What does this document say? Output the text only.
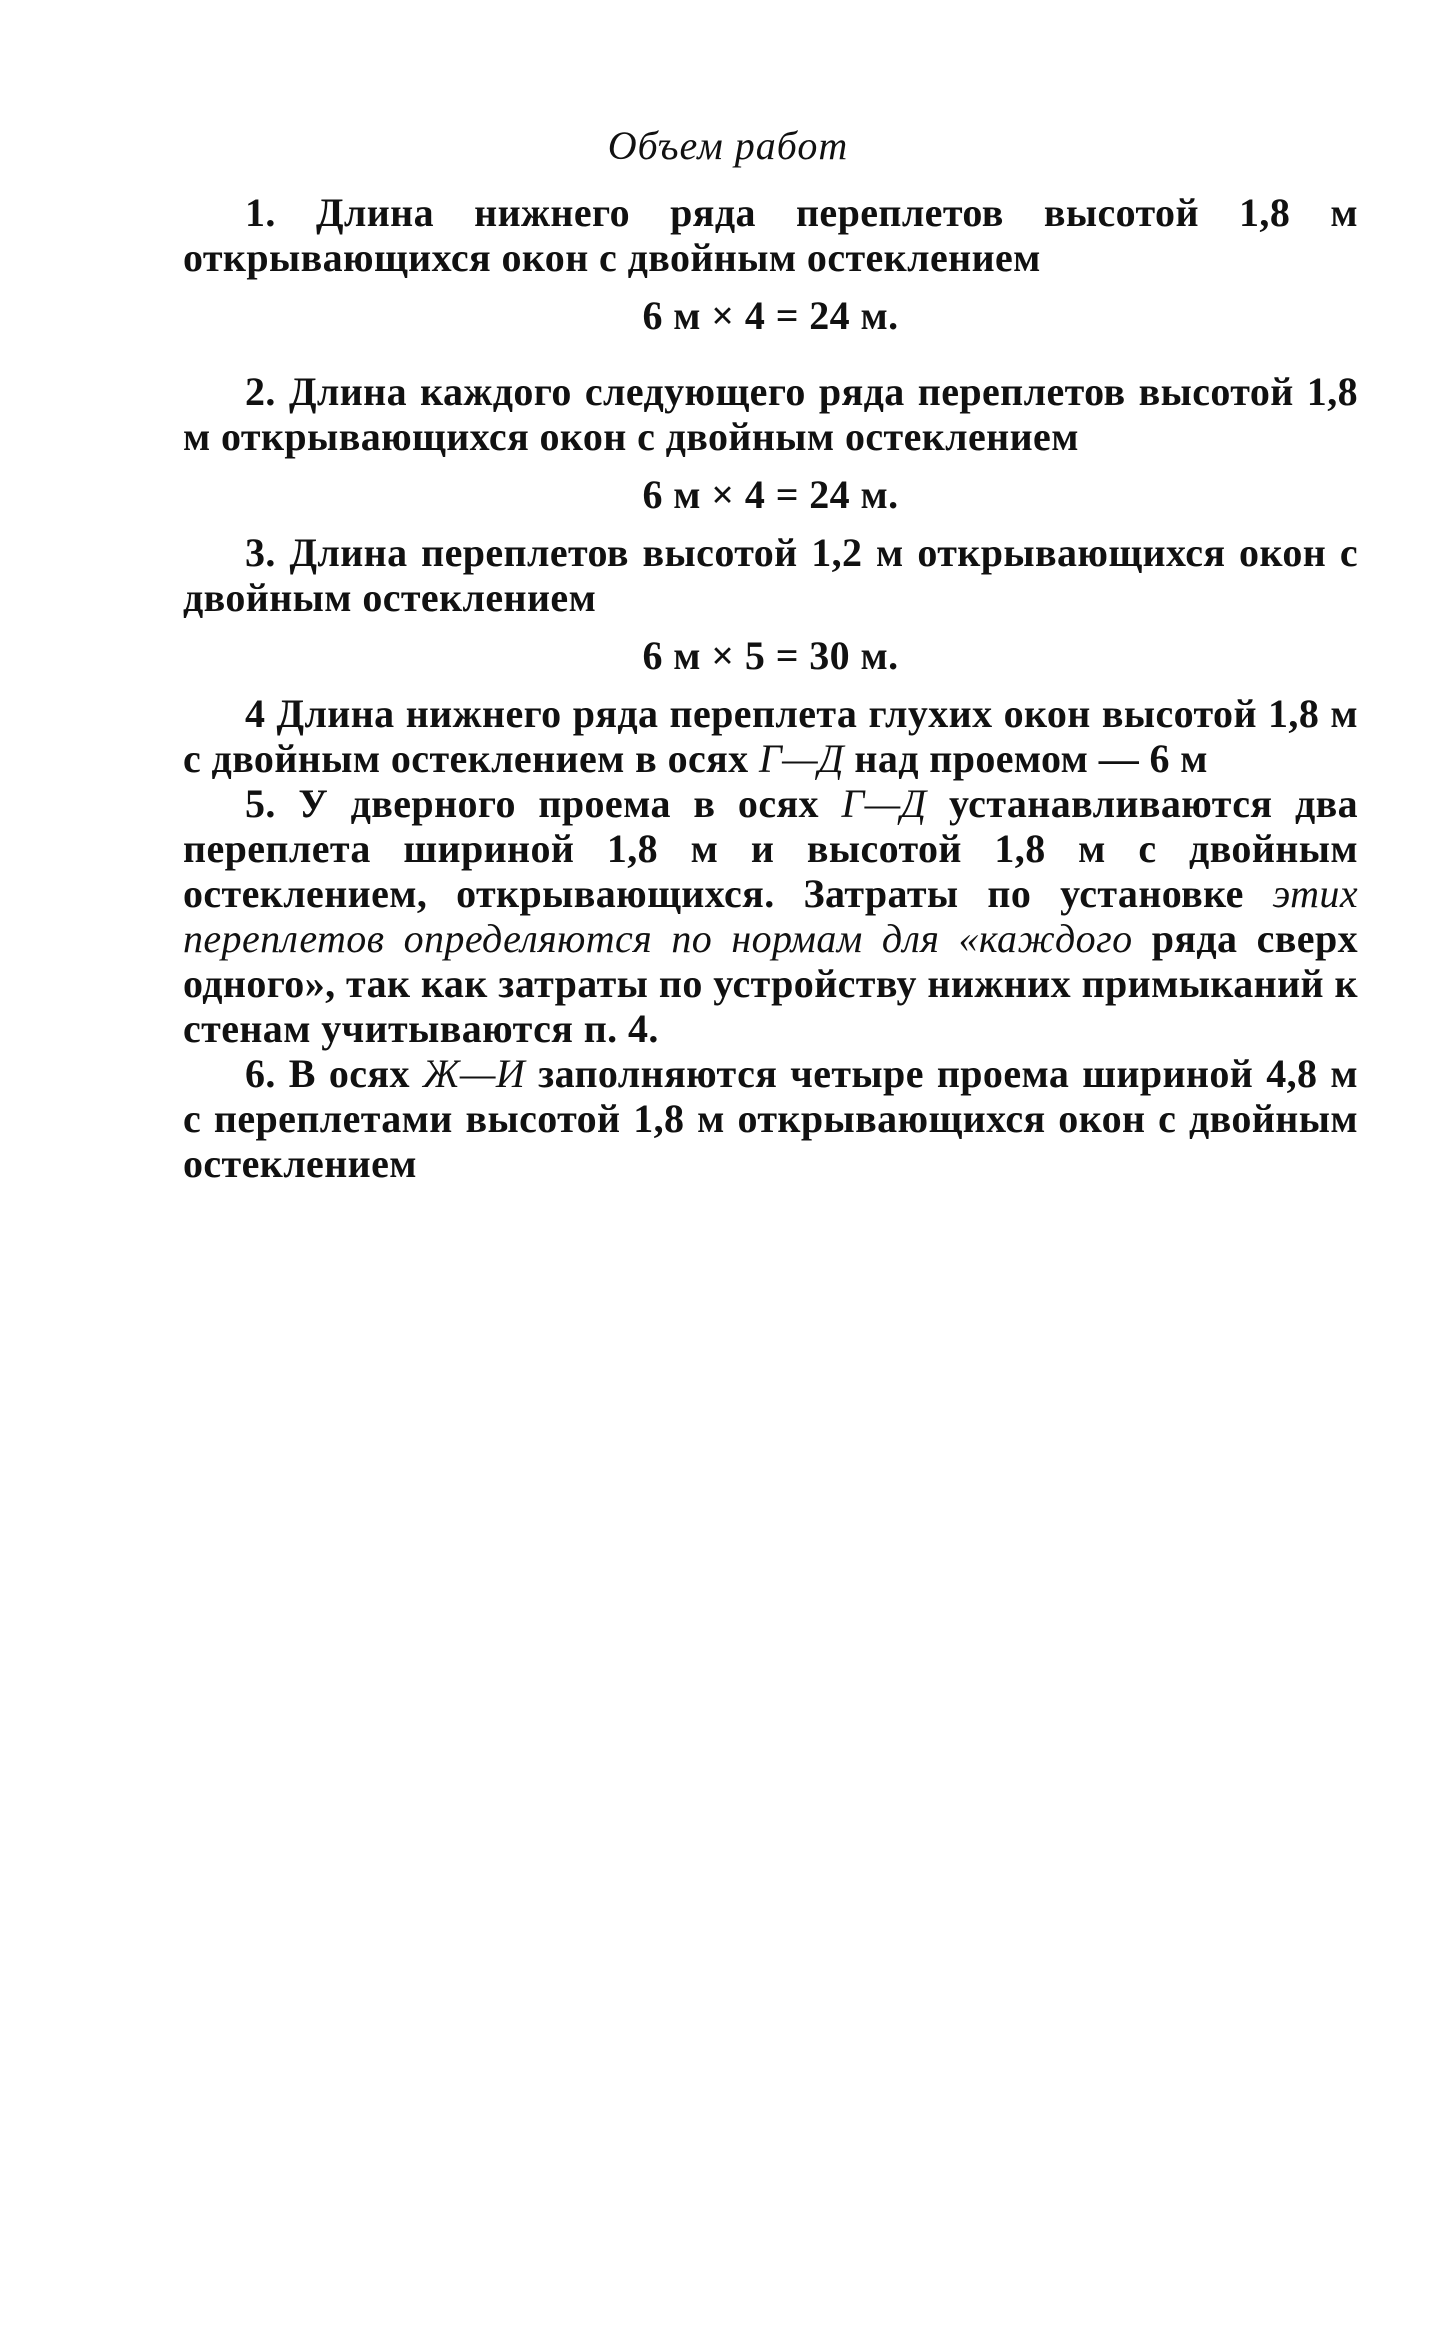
Объем работ

1. Длина нижнего ряда переплетов высотой 1,8 м открывающихся окон с двойным остеклением

6 м × 4 = 24 м.

2. Длина каждого следующего ряда переплетов высотой 1,8 м открывающихся окон с двойным остеклением

6 м × 4 = 24 м.

3. Длина переплетов высотой 1,2 м открывающихся окон с двойным остеклением

6 м × 5 = 30 м.

4 Длина нижнего ряда переплета глухих окон высотой 1,8 м с двойным остеклением в осях Г—Д над проемом — 6 м

5. У дверного проема в осях Г—Д устанавливаются два переплета шириной 1,8 м и высотой 1,8 м с двойным остеклением, открывающихся. Затраты по установке этих переплетов определяются по нормам для «каждого ряда сверх одного», так как затраты по устройству нижних примыканий к стенам учитываются п. 4.

6. В осях Ж—И заполняются четыре проема шириной 4,8 м с переплетами высотой 1,8 м открывающихся окон с двойным остеклением
